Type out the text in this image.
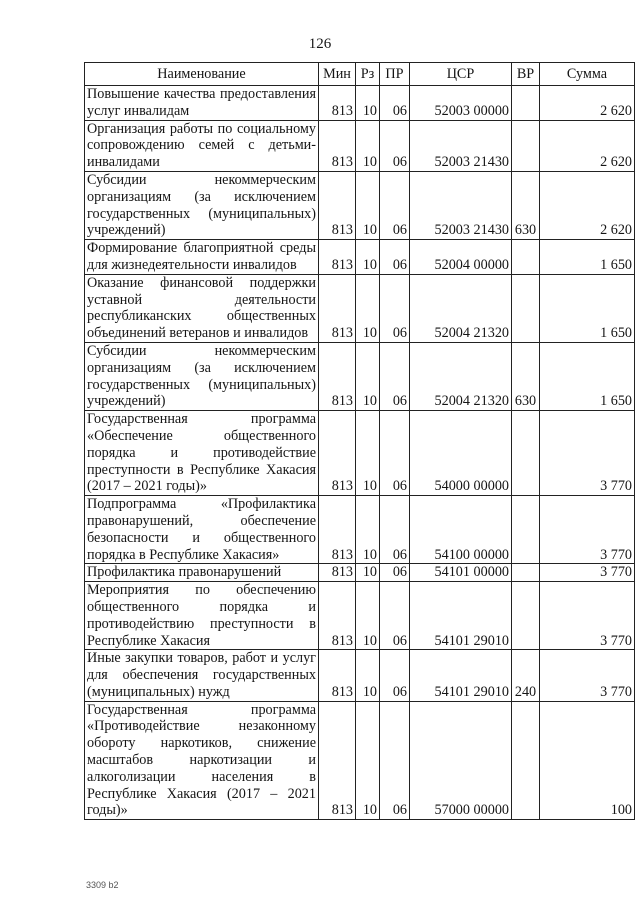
126
Наименование	Мин	Рз	ПР	ЦСР	ВР	Сумма
Повышение качества предоставления услуг инвалидам	813	10	06	52003 00000		2 620
Организация работы по социальному сопровождению семей с детьми-инвалидами	813	10	06	52003 21430		2 620
Субсидии некоммерческим организациям (за исключением государственных (муниципальных) учреждений)	813	10	06	52003 21430	630	2 620
Формирование благоприятной среды для жизнедеятельности инвалидов	813	10	06	52004 00000		1 650
Оказание финансовой поддержки уставной деятельности республиканских общественных объединений ветеранов и инвалидов	813	10	06	52004 21320		1 650
Субсидии некоммерческим организациям (за исключением государственных (муниципальных) учреждений)	813	10	06	52004 21320	630	1 650
Государственная программа «Обеспечение общественного порядка и противодействие преступности в Республике Хакасия (2017 – 2021 годы)»	813	10	06	54000 00000		3 770
Подпрограмма «Профилактика правонарушений, обеспечение безопасности и общественного порядка в Республике Хакасия»	813	10	06	54100 00000		3 770
Профилактика правонарушений	813	10	06	54101 00000		3 770
Мероприятия по обеспечению общественного порядка и противодействию преступности в Республике Хакасия	813	10	06	54101 29010		3 770
Иные закупки товаров, работ и услуг для обеспечения государственных (муниципальных) нужд	813	10	06	54101 29010	240	3 770
Государственная программа «Противодействие незаконному обороту наркотиков, снижение масштабов наркотизации и алкоголизации населения в Республике Хакасия (2017 – 2021 годы)»	813	10	06	57000 00000		100
3309 b2
